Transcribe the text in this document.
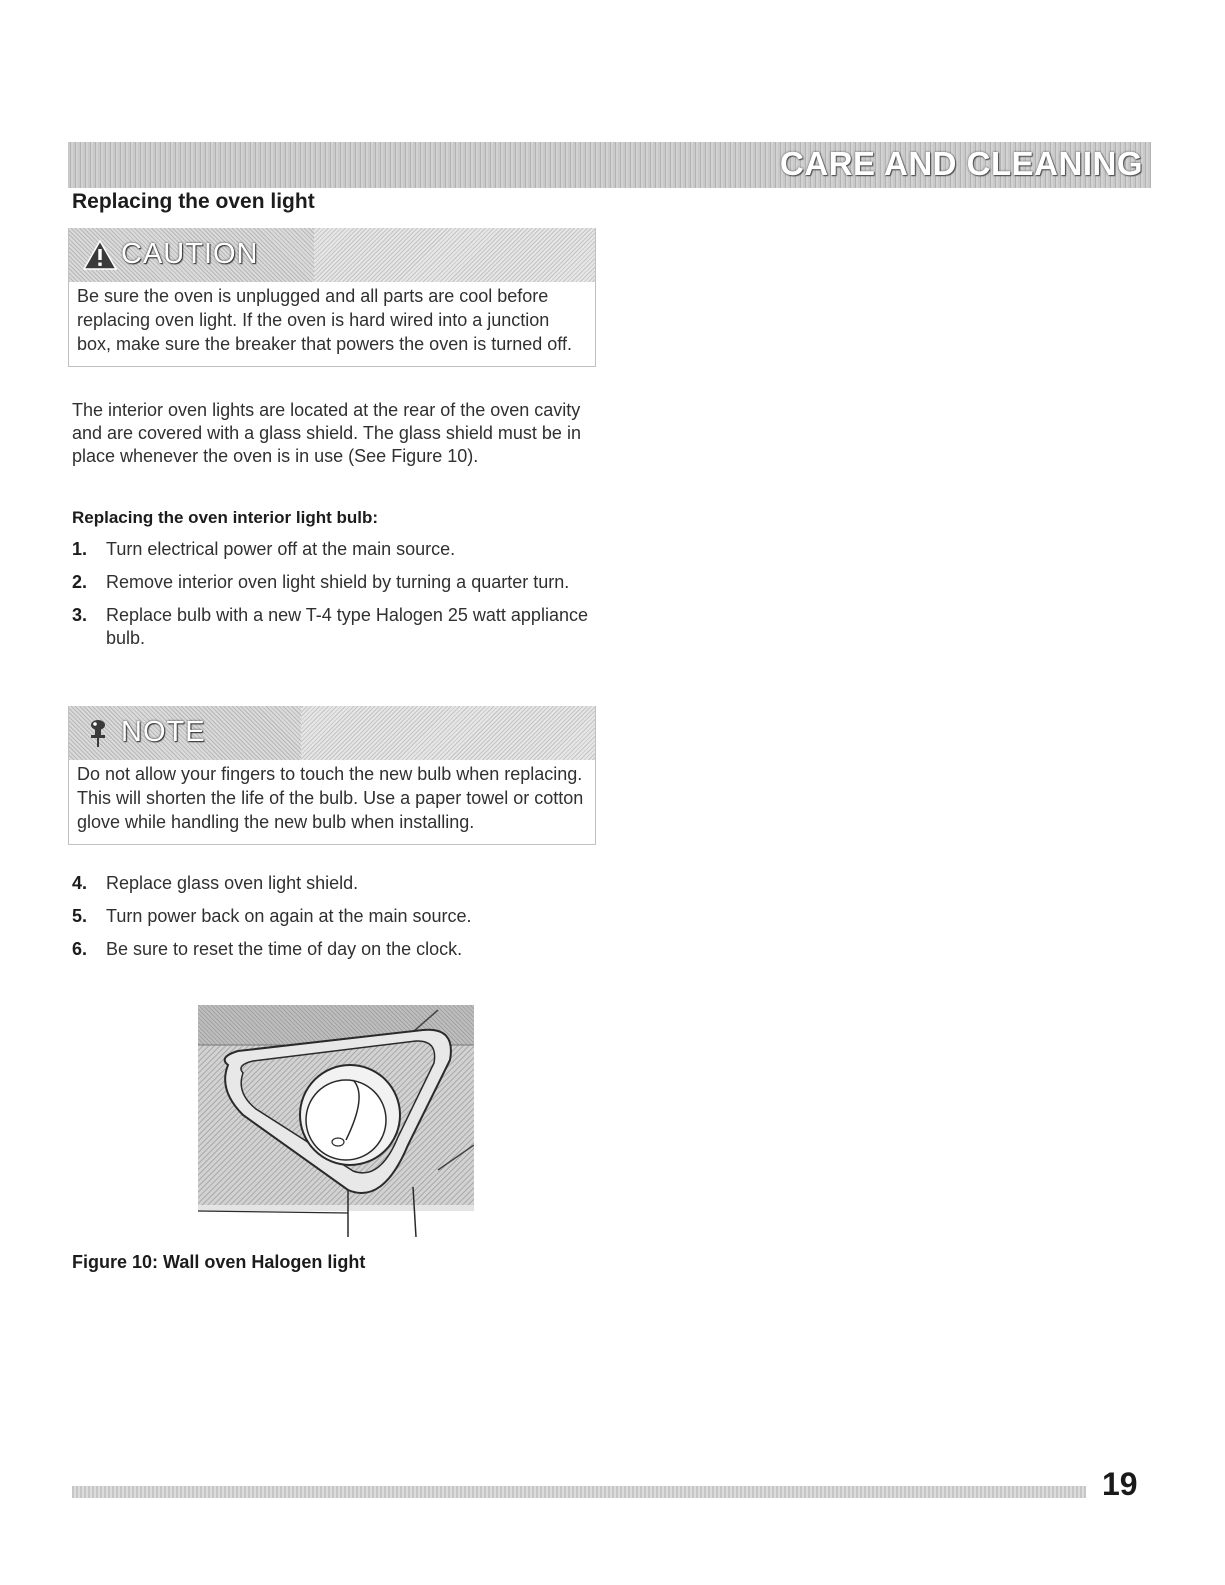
CARE AND CLEANING
Replacing the oven light
CAUTION
Be sure the oven is unplugged and all parts are cool before replacing oven light. If the oven is hard wired into a junction box, make sure the breaker that powers the oven is turned off.

The interior oven lights are located at the rear of the oven cavity and are covered with a glass shield. The glass shield must be in place whenever the oven is in use (See Figure 10).

Replacing the oven interior light bulb:
1. Turn electrical power off at the main source.
2. Remove interior oven light shield by turning a quarter turn.
3. Replace bulb with a new T-4 type Halogen 25 watt appliance bulb.
NOTE
Do not allow your fingers to touch the new bulb when replacing. This will shorten the life of the bulb. Use a paper towel or cotton glove while handling the new bulb when installing.
4. Replace glass oven light shield.
5. Turn power back on again at the main source.
6. Be sure to reset the time of day on the clock.
Figure 10: Wall oven Halogen light
19
